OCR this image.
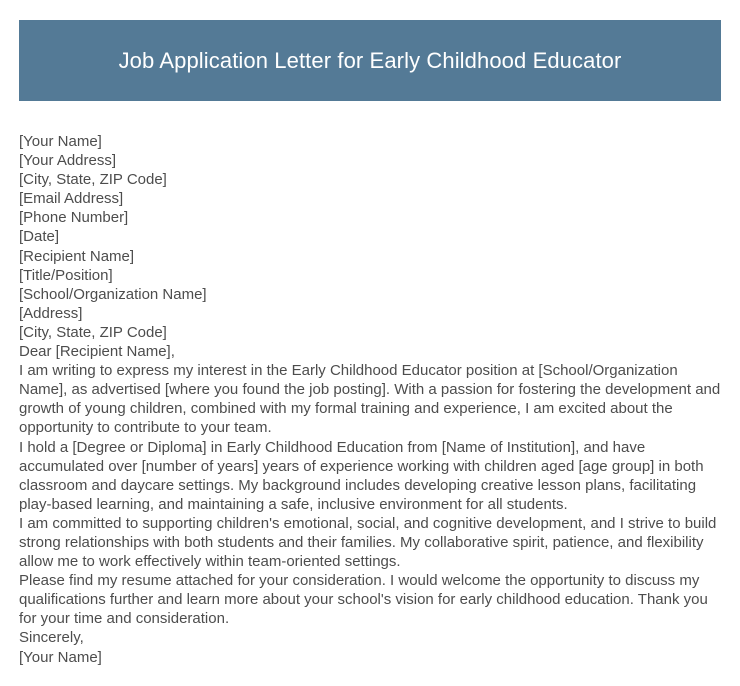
Job Application Letter for Early Childhood Educator
[Your Name]
[Your Address]
[City, State, ZIP Code]
[Email Address]
[Phone Number]
[Date]
[Recipient Name]
[Title/Position]
[School/Organization Name]
[Address]
[City, State, ZIP Code]
Dear [Recipient Name],
I am writing to express my interest in the Early Childhood Educator position at [School/Organization Name], as advertised [where you found the job posting]. With a passion for fostering the development and growth of young children, combined with my formal training and experience, I am excited about the opportunity to contribute to your team.
I hold a [Degree or Diploma] in Early Childhood Education from [Name of Institution], and have accumulated over [number of years] years of experience working with children aged [age group] in both classroom and daycare settings. My background includes developing creative lesson plans, facilitating play-based learning, and maintaining a safe, inclusive environment for all students.
I am committed to supporting children's emotional, social, and cognitive development, and I strive to build strong relationships with both students and their families. My collaborative spirit, patience, and flexibility allow me to work effectively within team-oriented settings.
Please find my resume attached for your consideration. I would welcome the opportunity to discuss my qualifications further and learn more about your school's vision for early childhood education. Thank you for your time and consideration.
Sincerely,
[Your Name]
